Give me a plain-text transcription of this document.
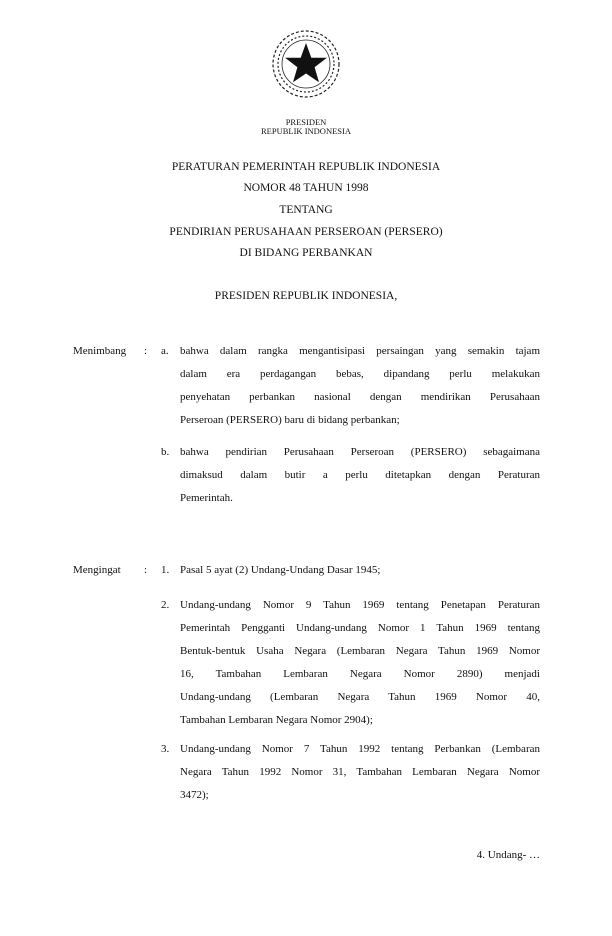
PRESIDEN
REPUBLIK INDONESIA
PERATURAN PEMERINTAH REPUBLIK INDONESIA
NOMOR 48 TAHUN 1998
TENTANG
PENDIRIAN PERUSAHAAN PERSEROAN (PERSERO)
DI BIDANG PERBANKAN
PRESIDEN REPUBLIK INDONESIA,
Menimbang : a. bahwa dalam rangka mengantisipasi persaingan yang semakin tajam
dalam era perdagangan bebas, dipandang perlu melakukan
penyehatan perbankan nasional dengan mendirikan Perusahaan
Perseroan (PERSERO) baru di bidang perbankan;
b. bahwa pendirian Perusahaan Perseroan (PERSERO) sebagaimana
dimaksud dalam butir a perlu ditetapkan dengan Peraturan
Pemerintah.
Mengingat : 1. Pasal 5 ayat (2) Undang-Undang Dasar 1945;
2. Undang-undang Nomor 9 Tahun 1969 tentang Penetapan Peraturan
Pemerintah Pengganti Undang-undang Nomor 1 Tahun 1969 tentang
Bentuk-bentuk Usaha Negara (Lembaran Negara Tahun 1969 Nomor
16, Tambahan Lembaran Negara Nomor 2890) menjadi
Undang-undang (Lembaran Negara Tahun 1969 Nomor 40,
Tambahan Lembaran Negara Nomor 2904);
3. Undang-undang Nomor 7 Tahun 1992 tentang Perbankan (Lembaran
Negara Tahun 1992 Nomor 31, Tambahan Lembaran Negara Nomor
3472);
4. Undang- …
